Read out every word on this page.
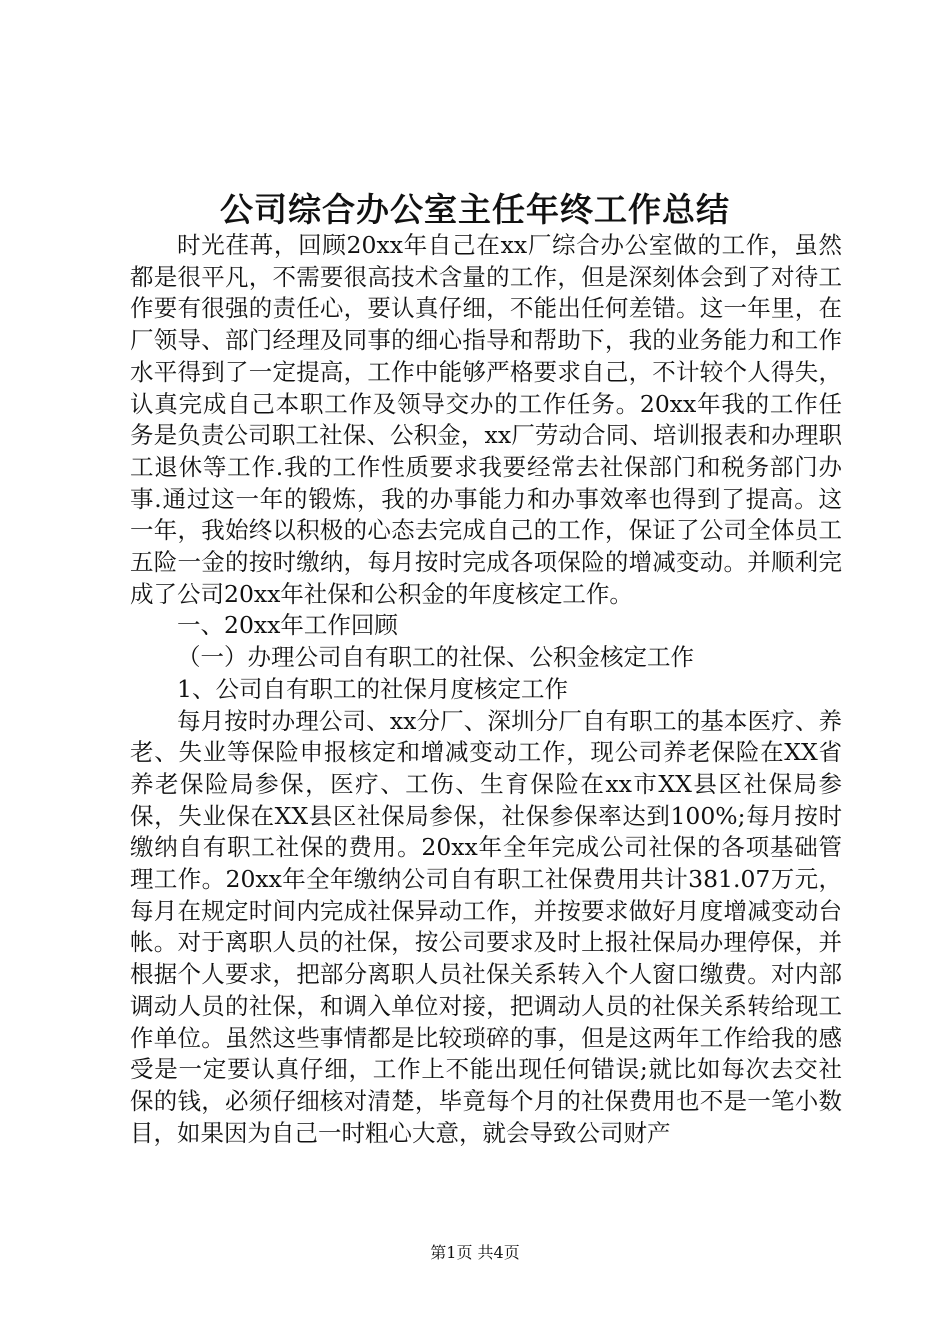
公司综合办公室主任年终工作总结

时光荏苒，回顾20xx年自己在xx厂综合办公室做的工作，虽然都是很平凡，不需要很高技术含量的工作，但是深刻体会到了对待工作要有很强的责任心，要认真仔细，不能出任何差错。这一年里，在厂领导、部门经理及同事的细心指导和帮助下，我的业务能力和工作水平得到了一定提高，工作中能够严格要求自己，不计较个人得失，认真完成自己本职工作及领导交办的工作任务。20xx年我的工作任务是负责公司职工社保、公积金，xx厂劳动合同、培训报表和办理职工退休等工作.我的工作性质要求我要经常去社保部门和税务部门办事.通过这一年的锻炼，我的办事能力和办事效率也得到了提高。这一年，我始终以积极的心态去完成自己的工作，保证了公司全体员工五险一金的按时缴纳，每月按时完成各项保险的增减变动。并顺利完成了公司20xx年社保和公积金的年度核定工作。

一、20xx年工作回顾

（一）办理公司自有职工的社保、公积金核定工作

1、公司自有职工的社保月度核定工作

每月按时办理公司、xx分厂、深圳分厂自有职工的基本医疗、养老、失业等保险申报核定和增减变动工作，现公司养老保险在XX省养老保险局参保，医疗、工伤、生育保险在xx市XX县区社保局参保，失业保在XX县区社保局参保，社保参保率达到100%;每月按时缴纳自有职工社保的费用。20xx年全年完成公司社保的各项基础管理工作。20xx年全年缴纳公司自有职工社保费用共计381.07万元，每月在规定时间内完成社保异动工作，并按要求做好月度增减变动台帐。对于离职人员的社保，按公司要求及时上报社保局办理停保，并根据个人要求，把部分离职人员社保关系转入个人窗口缴费。对内部调动人员的社保，和调入单位对接，把调动人员的社保关系转给现工作单位。虽然这些事情都是比较琐碎的事，但是这两年工作给我的感受是一定要认真仔细，工作上不能出现任何错误;就比如每次去交社保的钱，必须仔细核对清楚，毕竟每个月的社保费用也不是一笔小数目，如果因为自己一时粗心大意，就会导致公司财产

第1页 共4页
